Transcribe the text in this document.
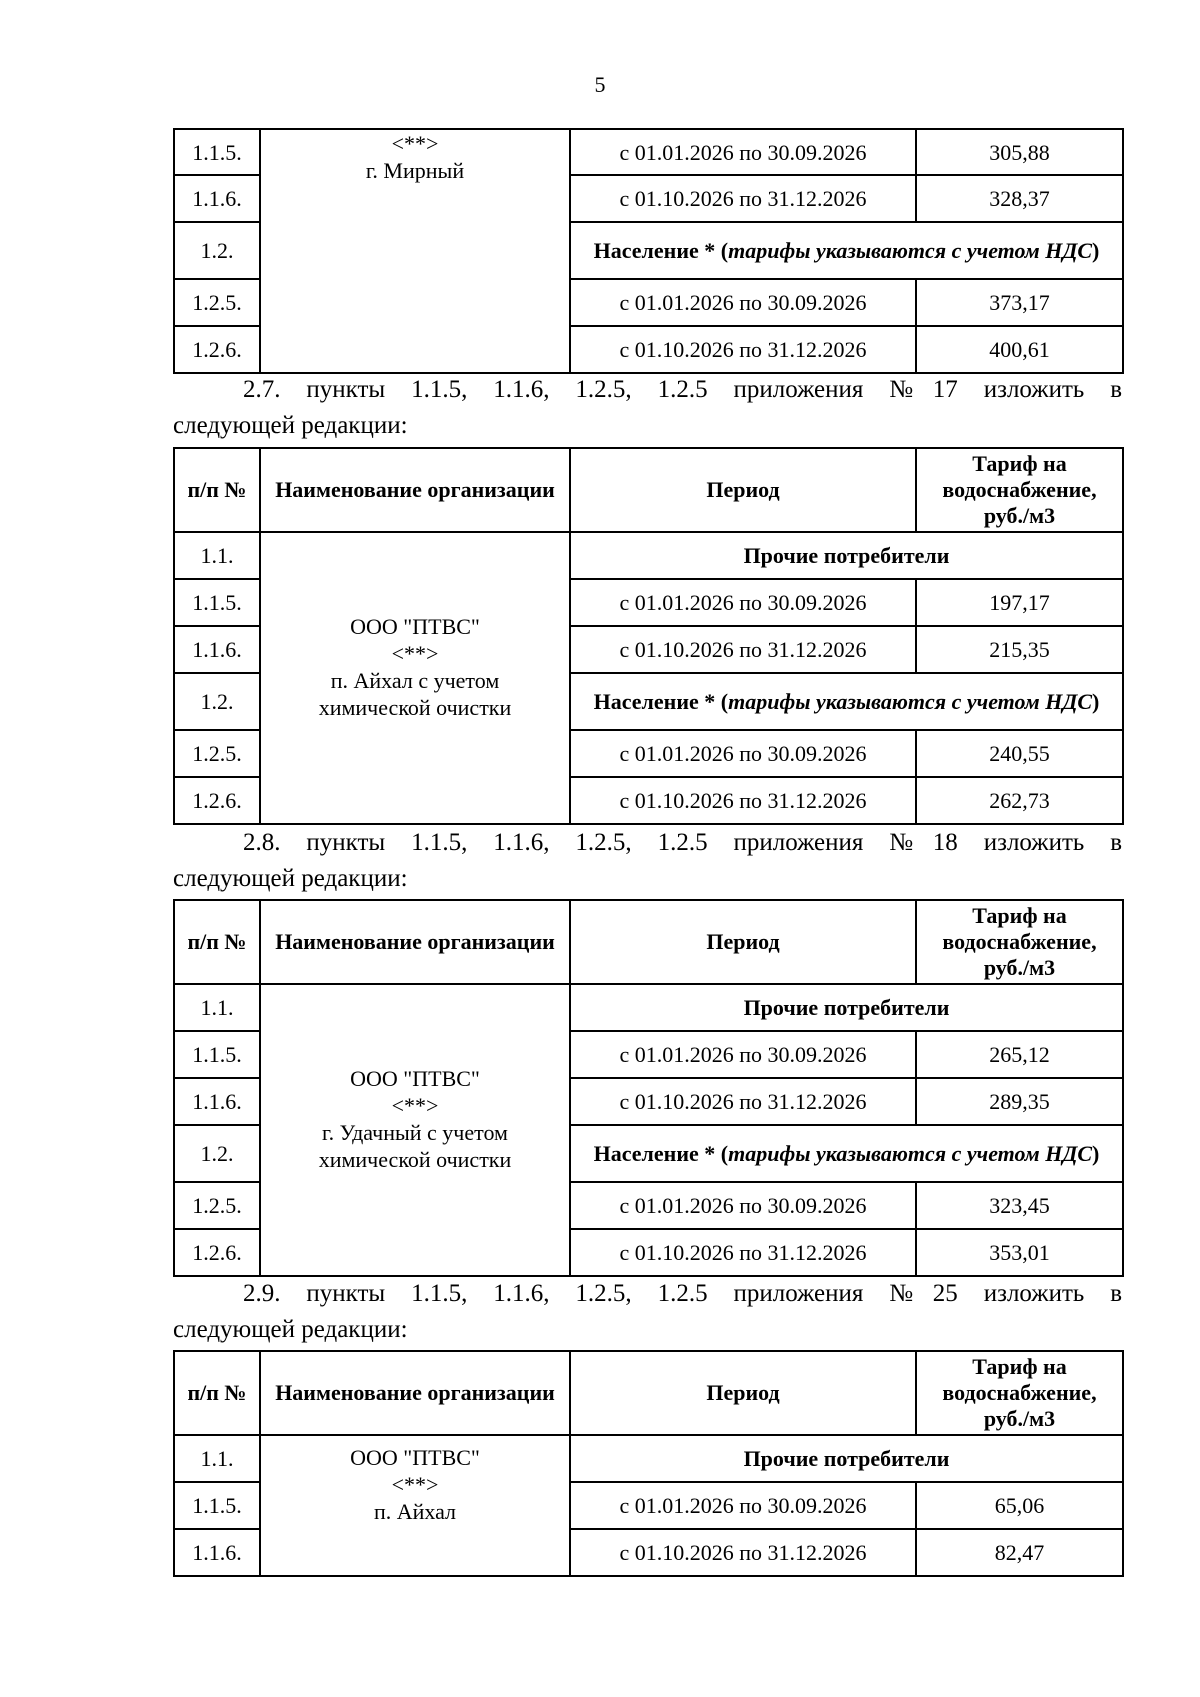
5
1.1.5.	<**>
г. Мирный	с 01.01.2026 по 30.09.2026	305,88
1.1.6.		с 01.10.2026 по 31.12.2026	328,37
1.2.		Население * (тарифы указываются с учетом НДС)	
1.2.5.		с 01.01.2026 по 30.09.2026	373,17
1.2.6.		с 01.10.2026 по 31.12.2026	400,61
2.7. пункты 1.1.5, 1.1.6, 1.2.5, 1.2.5 приложения №17 изложить в
следующей редакции:
п/п №	Наименование организации	Период	Тариф на водоснабжение, руб./м3
1.1.	ООО "ПТВС"
<**>
п. Айхал с учетом
химической очистки	Прочие потребители	
1.1.5.		с 01.01.2026 по 30.09.2026	197,17
1.1.6.		с 01.10.2026 по 31.12.2026	215,35
1.2.		Население * (тарифы указываются с учетом НДС)	
1.2.5.		с 01.01.2026 по 30.09.2026	240,55
1.2.6.		с 01.10.2026 по 31.12.2026	262,73
2.8. пункты 1.1.5, 1.1.6, 1.2.5, 1.2.5 приложения №18 изложить в
следующей редакции:
п/п №	Наименование организации	Период	Тариф на водоснабжение, руб./м3
1.1.	ООО "ПТВС"
<**>
г. Удачный с учетом
химической очистки	Прочие потребители	
1.1.5.		с 01.01.2026 по 30.09.2026	265,12
1.1.6.		с 01.10.2026 по 31.12.2026	289,35
1.2.		Население * (тарифы указываются с учетом НДС)	
1.2.5.		с 01.01.2026 по 30.09.2026	323,45
1.2.6.		с 01.10.2026 по 31.12.2026	353,01
2.9. пункты 1.1.5, 1.1.6, 1.2.5, 1.2.5 приложения №25 изложить в
следующей редакции:
п/п №	Наименование организации	Период	Тариф на водоснабжение, руб./м3
1.1.	ООО "ПТВС"
<**>
п. Айхал	Прочие потребители	
1.1.5.		с 01.01.2026 по 30.09.2026	65,06
1.1.6.		с 01.10.2026 по 31.12.2026	82,47
